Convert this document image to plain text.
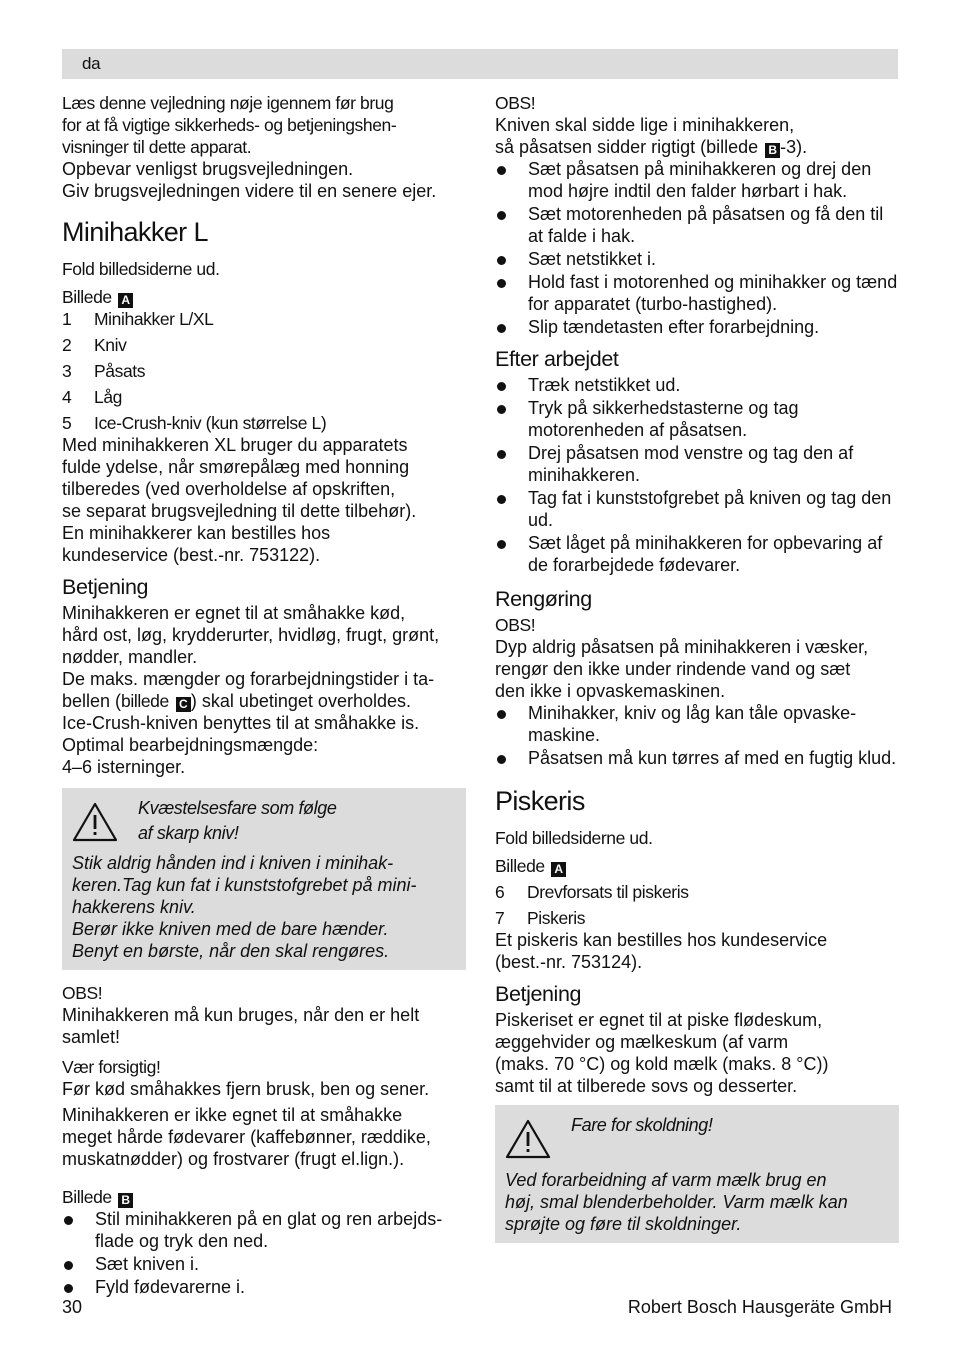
da

Læs denne vejledning nøje igennem før brug

for at få vigtige sikkerheds- og betjeningshen-

visninger til dette apparat.

Opbevar venligst brugsvejledningen.

Giv brugsvejledningen videre til en senere ejer.

Minihakker L

Fold billedsiderne ud.

Billede A

1	Minihakker L/XL
2	Kniv
3	Påsats
4	Låg
5	Ice-Crush-kniv (kun størrelse L)

Med minihakkeren XL bruger du apparatets

fulde ydelse, når smørepålæg med honning

tilberedes (ved overholdelse af opskriften,

se separat brugsvejledning til dette tilbehør).

En minihakkerer kan bestilles hos

kundeservice (best.-nr. 753122).

Betjening

Minihakkeren er egnet til at småhakke kød,

hård ost, løg, krydderurter, hvidløg, frugt, grønt,

nødder, mandler.

De maks. mængder og forarbejdningstider i ta-

bellen (billede C ) skal ubetinget overholdes.

Ice-Crush-kniven benyttes til at småhakke is.

Optimal bearbejdningsmængde:

4–6 isterninger.

Kvæstelsesfare som følge
af skarp kniv!

Stik aldrig hånden ind i kniven i minihak-

keren.Tag kun fat i kunststofgrebet på mini-

hakkerens kniv.

Berør ikke kniven med de bare hænder.

Benyt en børste, når den skal rengøres.

OBS!

Minihakkeren må kun bruges, når den er helt

samlet!

Vær forsigtig!

Før kød småhakkes fjern brusk, ben og sener.

Minihakkeren er ikke egnet til at småhakke

meget hårde fødevarer (kaffebønner, ræddike,

muskatnødder) og frostvarer (frugt el.lign.).

Billede B

Stil minihakkeren på en glat og ren arbejds- flade og tryk den ned.
Sæt kniven i.
Fyld fødevarerne i.

OBS!

Kniven skal sidde lige i minihakkeren,

så påsatsen sidder rigtigt (billede B -3).

Sæt påsatsen på minihakkeren og drej den mod højre indtil den falder hørbart i hak.
Sæt motorenheden på påsatsen og få den til at falde i hak.
Sæt netstikket i.
Hold fast i motorenhed og minihakker og tænd for apparatet (turbo-hastighed).
Slip tændetasten efter forarbejdning.
Efter arbejdet
Træk netstikket ud.
Tryk på sikkerhedstasterne og tag motorenheden af påsatsen.
Drej påsatsen mod venstre og tag den af minihakkeren.
Tag fat i kunststofgrebet på kniven og tag den ud.
Sæt låget på minihakkeren for opbevaring af de forarbejdede fødevarer.
Rengøring

OBS!

Dyp aldrig påsatsen på minihakkeren i væsker,

rengør den ikke under rindende vand og sæt

den ikke i opvaskemaskinen.

Minihakker, kniv og låg kan tåle opvaske- maskine.
Påsatsen må kun tørres af med en fugtig klud.
Piskeris

Fold billedsiderne ud.

Billede A

6	Drevforsats til piskeris
7	Piskeris

Et piskeris kan bestilles hos kundeservice

(best.-nr. 753124).

Betjening

Piskeriset er egnet til at piske flødeskum,

æggehvider og mælkeskum (af varm

(maks. 70 °C) og kold mælk (maks. 8 °C))

samt til at tilberede sovs og desserter.

Fare for skoldning!

Ved forarbeidning af varm mælk brug en

høj, smal blenderbeholder. Varm mælk kan

sprøjte og føre til skoldninger.

30	Robert Bosch Hausgeräte GmbH
